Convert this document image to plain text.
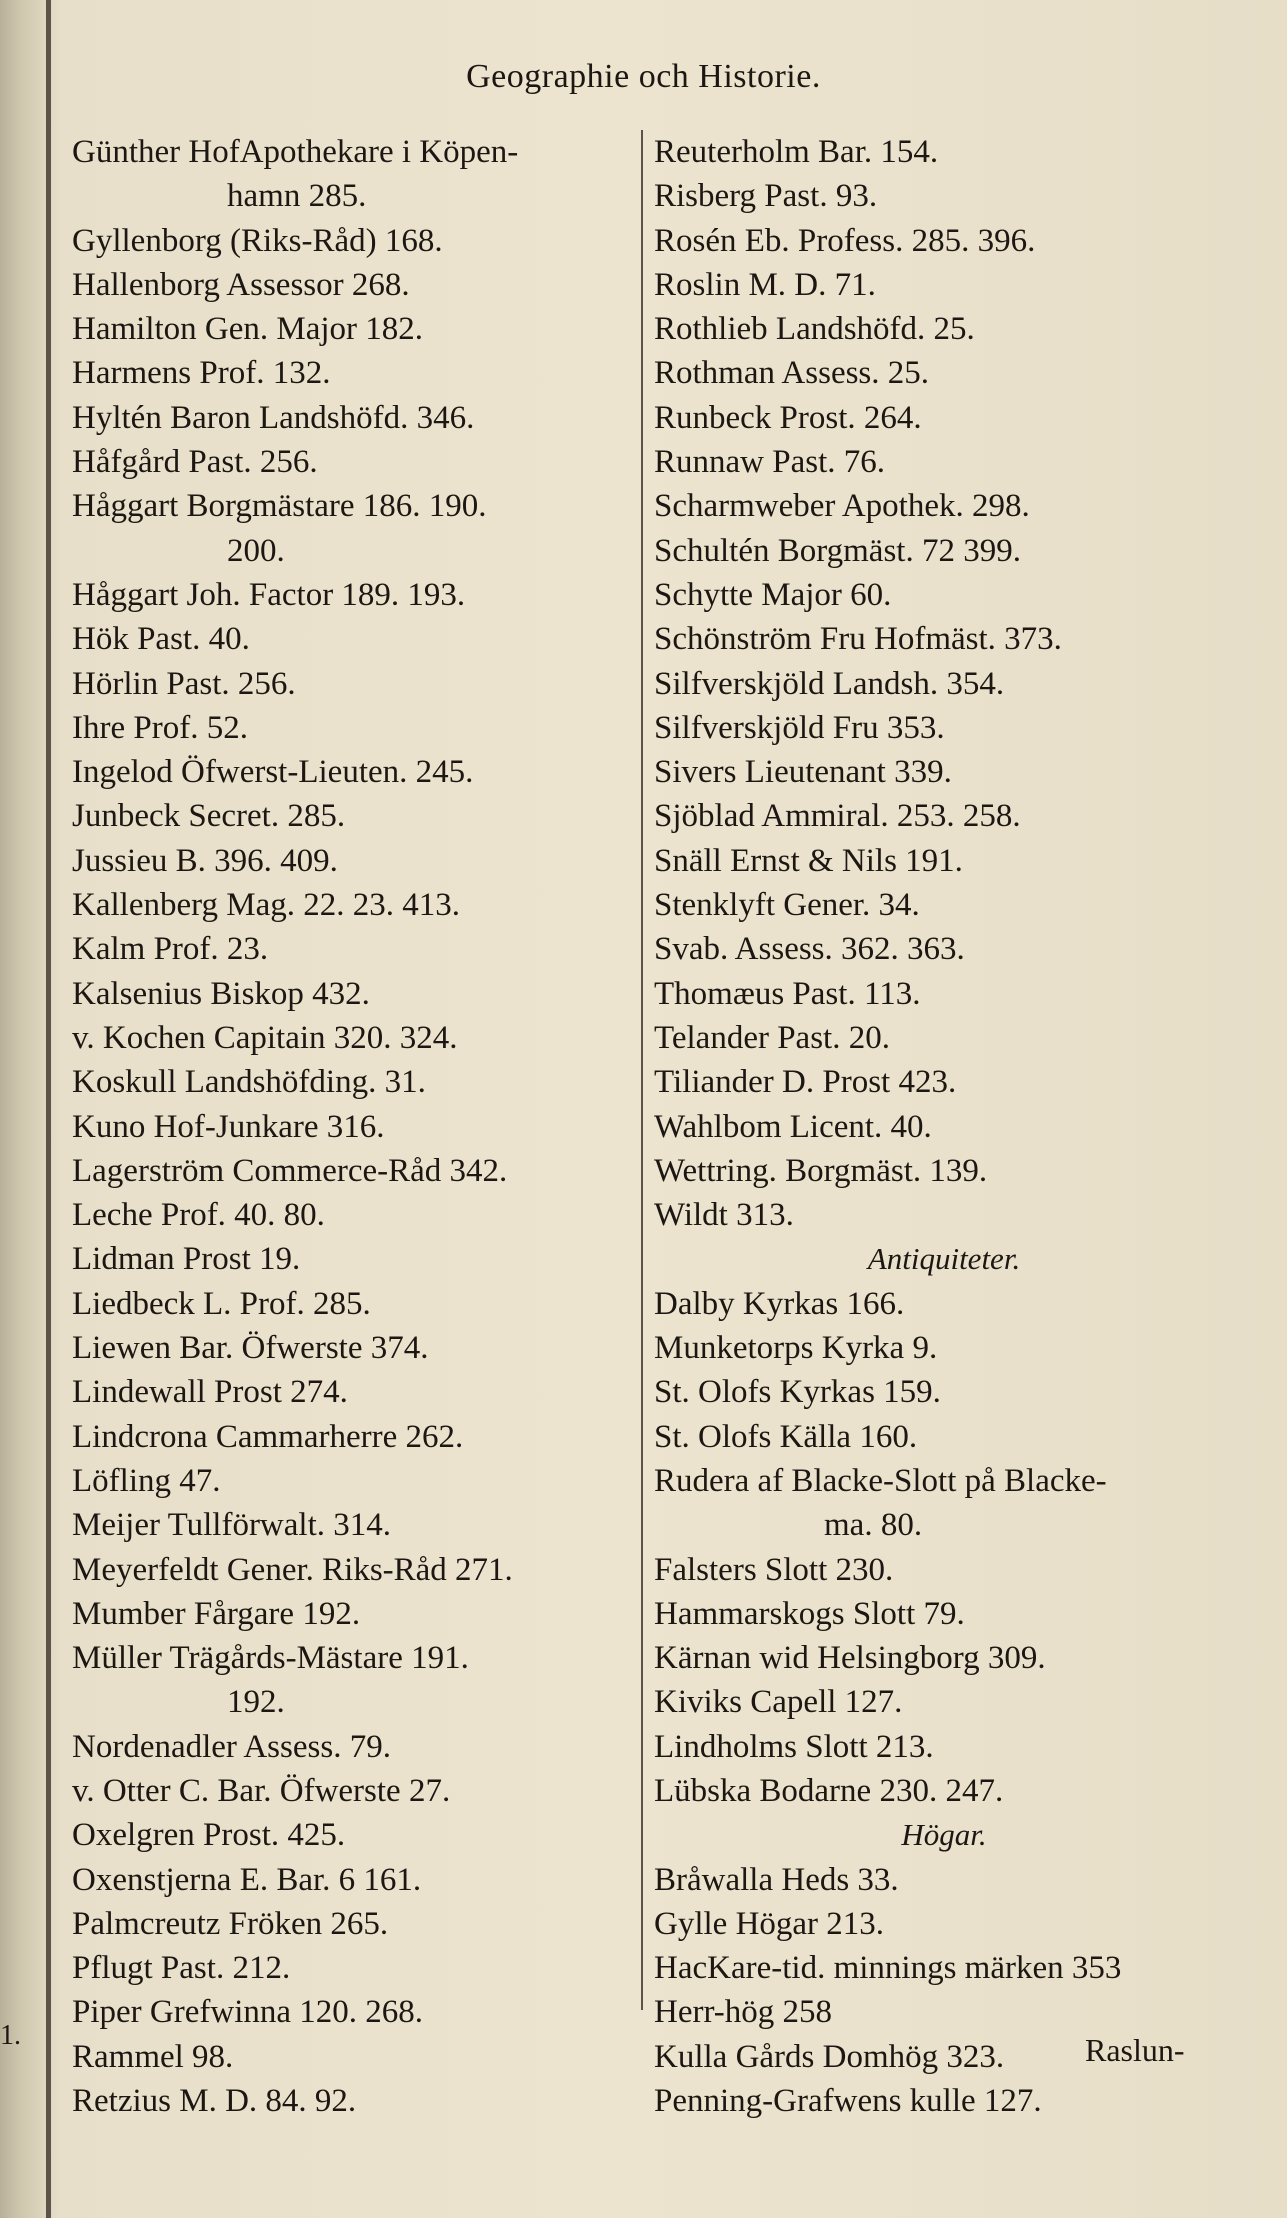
Geographie och Historie.
Günther HofApothekare i Köpen-
hamn 285.
Gyllenborg (Riks-Råd) 168.
Hallenborg Assessor 268.
Hamilton Gen. Major 182.
Harmens Prof. 132.
Hyltén Baron Landshöfd. 346.
Håfgård Past. 256.
Håggart Borgmästare 186. 190.
200.
Håggart Joh. Factor 189. 193.
Hök Past. 40.
Hörlin Past. 256.
Ihre Prof. 52.
Ingelod Öfwerst-Lieuten. 245.
Junbeck Secret. 285.
Jussieu B. 396. 409.
Kallenberg Mag. 22. 23. 413.
Kalm Prof. 23.
Kalsenius Biskop 432.
v. Kochen Capitain 320. 324.
Koskull Landshöfding. 31.
Kuno Hof-Junkare 316.
Lagerström Commerce-Råd 342.
Leche Prof. 40. 80.
Lidman Prost 19.
Liedbeck L. Prof. 285.
Liewen Bar. Öfwerste 374.
Lindewall Prost 274.
Lindcrona Cammarherre 262.
Löfling 47.
Meijer Tullförwalt. 314.
Meyerfeldt Gener. Riks-Råd 271.
Mumber Fårgare 192.
Müller Trägårds-Mästare 191.
192.
Nordenadler Assess. 79.
v. Otter C. Bar. Öfwerste 27.
Oxelgren Prost. 425.
Oxenstjerna E. Bar. 6 161.
Palmcreutz Fröken 265.
Pflugt Past. 212.
Piper Grefwinna 120. 268.
Rammel 98.
Retzius M. D. 84. 92.
Reuterholm Bar. 154.
Risberg Past. 93.
Rosén Eb. Profess. 285. 396.
Roslin M. D. 71.
Rothlieb Landshöfd. 25.
Rothman Assess. 25.
Runbeck Prost. 264.
Runnaw Past. 76.
Scharmweber Apothek. 298.
Schultén Borgmäst. 72 399.
Schytte Major 60.
Schönström Fru Hofmäst. 373.
Silfverskjöld Landsh. 354.
Silfverskjöld Fru 353.
Sivers Lieutenant 339.
Sjöblad Ammiral. 253. 258.
Snäll Ernst & Nils 191.
Stenklyft Gener. 34.
Svab. Assess. 362. 363.
Thomæus Past. 113.
Telander Past. 20.
Tiliander D. Prost 423.
Wahlbom Licent. 40.
Wettring. Borgmäst. 139.
Wildt 313.
Antiquiteter.
Dalby Kyrkas 166.
Munketorps Kyrka 9.
St. Olofs Kyrkas 159.
St. Olofs Källa 160.
Rudera af Blacke-Slott på Blacke-
ma. 80.
Falsters Slott 230.
Hammarskogs Slott 79.
Kärnan wid Helsingborg 309.
Kiviks Capell 127.
Lindholms Slott 213.
Lübska Bodarne 230. 247.
Högar.
Bråwalla Heds 33.
Gylle Högar 213.
HacKare-tid. minnings märken 353
Herr-hög 258
Kulla Gårds Domhög 323.
Penning-Grafwens kulle 127.
Raslun-
1.
